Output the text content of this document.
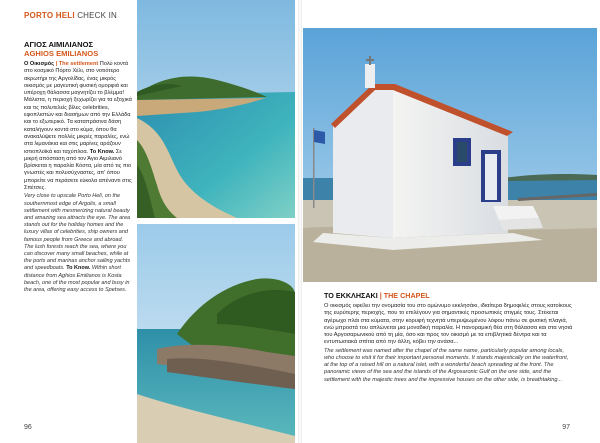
PORTO HELI CHECK IN
ΑΓΙΟΣ ΑΙΜΙΛΙΑΝΟΣ
AGHIOS EMILIANOS

Ο Οικισμός | The settlement Πολύ κοντά στο κοσμικό Πόρτο Χέλι, στο νοτιότερο ακρωτήρι της Αργολίδας, ένας μικρός οικισμός με μαγευτική φυσική ομορφιά και υπέροχη θάλασσα μαγνητίζει το βλέμμα! Μάλιστα, η περιοχή ξεχωρίζει για τα εξοχικά και τις πολυτελείς βίλες celebrities, εφοπλιστών και διασήμων από την Ελλάδα και το εξωτερικό. Τα καταπράσινα δάση καταλήγουν κοντά στο κύμα, όπου θα ανακαλύψετε πολλές μικρές παραλίες, ενώ στα λιμανάκια και στις μαρίνες αράζουν ιστιοπλοϊκά και ταχύπλοα. To Know. Σε μικρή απόσταση από τον Άγιο Αιμιλιανό βρίσκεται η παραλία Κόστα, μία από τις πιο γνωστές και πολυσύχναστες, απ' όπου μπορείτε να περάσετε εύκολα απέναντι στις Σπέτσες.

Very close to upscale Porto Heli, on the southernmost edge of Argolis, a small settlement with mesmerizing natural beauty and amazing sea attracts the eye. The area stands out for the holiday homes and the luxury villas of celebrities, ship owners and famous people from Greece and abroad. The lush forests reach the sea, where you can discover many small beaches, while at the ports and marinas anchor sailing yachts and speedboats. To Know. Within short distance from Aghios Emilianos is Kosta beach, one of the most popular and busy in the area, offering easy access to Spetses.

ΤΟ ΕΚΚΛΗΣΑΚΙ | THE CHAPEL

Ο οικισμός οφείλει την ονομασία του στο ομώνυμο εκκλησάκι, ιδιαίτερα δημοφιλές στους κατοίκους της ευρύτερης περιοχής, που το επιλέγουν για σημαντικές προσωπικές στιγμές τους. Στέκεται αγέρωχο πλάι στα κύματα, στην κορυφή τεχνητά υπερυψωμένου λόφου πάνω σε φυσική πλαγιά, ενώ μπροστά του απλώνεται μια μοναδική παραλία. Η πανοραμική θέα στη θάλασσα και στα νησιά του Αργοσαρωνικού από τη μία, όσο και προς τον οικισμό με τα επιβλητικά δέντρα και τα εντυπωσιακά σπίτια από την άλλη, κόβει την ανάσα...

The settlement was named after the chapel of the same name, particularly popular among locals, who choose to visit it for their important personal moments. It stands majestically on the waterfront, at the top of a raised hill on a natural islet, with a wonderful beach spreading at the front. The panoramic views of the sea and the islands of the Argosaronic Gulf on the one side, and the settlement with the majestic trees and the impressive houses on the other side, is breathtaking...

96	97
